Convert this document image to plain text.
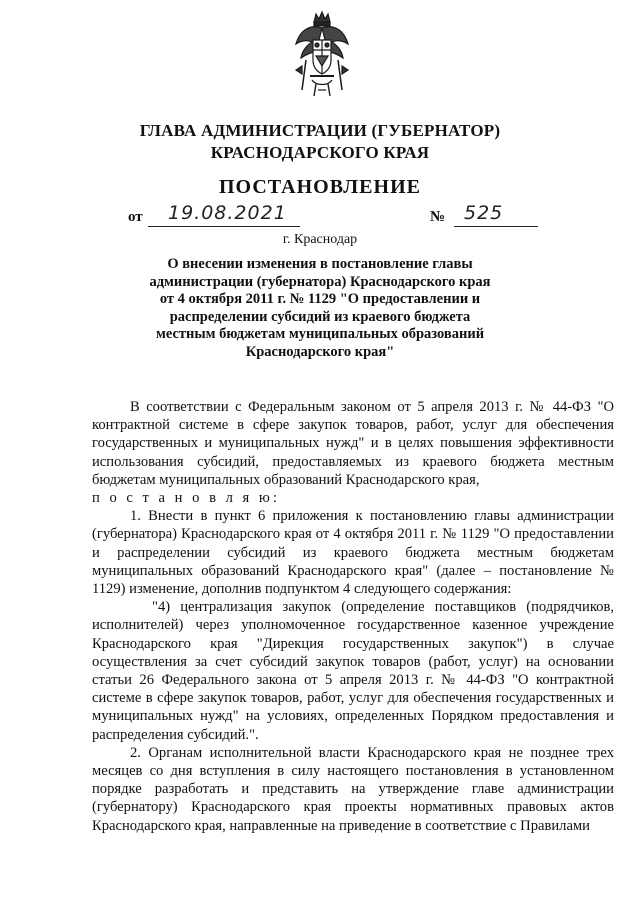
ГЛАВА АДМИНИСТРАЦИИ (ГУБЕРНАТОР)
КРАСНОДАРСКОГО КРАЯ
ПОСТАНОВЛЕНИЕ
от 19.08.2021	№ 525
г. Краснодар
О внесении изменения в постановление главы
администрации (губернатора) Краснодарского края
от 4 октября 2011 г. № 1129 "О предоставлении и
распределении субсидий из краевого бюджета
местным бюджетам муниципальных образований
Краснодарского края"

В соответствии с Федеральным законом от 5 апреля 2013 г. № 44-ФЗ "О контрактной системе в сфере закупок товаров, работ, услуг для обеспечения государственных и муниципальных нужд" и в целях повышения эффективности использования субсидий, предоставляемых из краевого бюджета местным бюджетам муниципальных образований Краснодарского края,

п о с т а н о в л я ю:

1. Внести в пункт 6 приложения к постановлению главы администрации (губернатора) Краснодарского края от 4 октября 2011 г. № 1129 "О предоставлении и распределении субсидий из краевого бюджета местным бюджетам муниципальных образований Краснодарского края" (далее – постановление № 1129) изменение, дополнив подпунктом 4 следующего содержания:

"4) централизация закупок (определение поставщиков (подрядчиков, исполнителей) через уполномоченное государственное казенное учреждение Краснодарского края "Дирекция государственных закупок") в случае осуществления за счет субсидий закупок товаров (работ, услуг) на основании статьи 26 Федерального закона от 5 апреля 2013 г. № 44-ФЗ "О контрактной системе в сфере закупок товаров, работ, услуг для обеспечения государственных и муниципальных нужд" на условиях, определенных Порядком предоставления и распределения субсидий.".

2. Органам исполнительной власти Краснодарского края не позднее трех месяцев со дня вступления в силу настоящего постановления в установленном порядке разработать и представить на утверждение главе администрации (губернатору) Краснодарского края проекты нормативных правовых актов Краснодарского края, направленные на приведение в соответствие с Правилами
